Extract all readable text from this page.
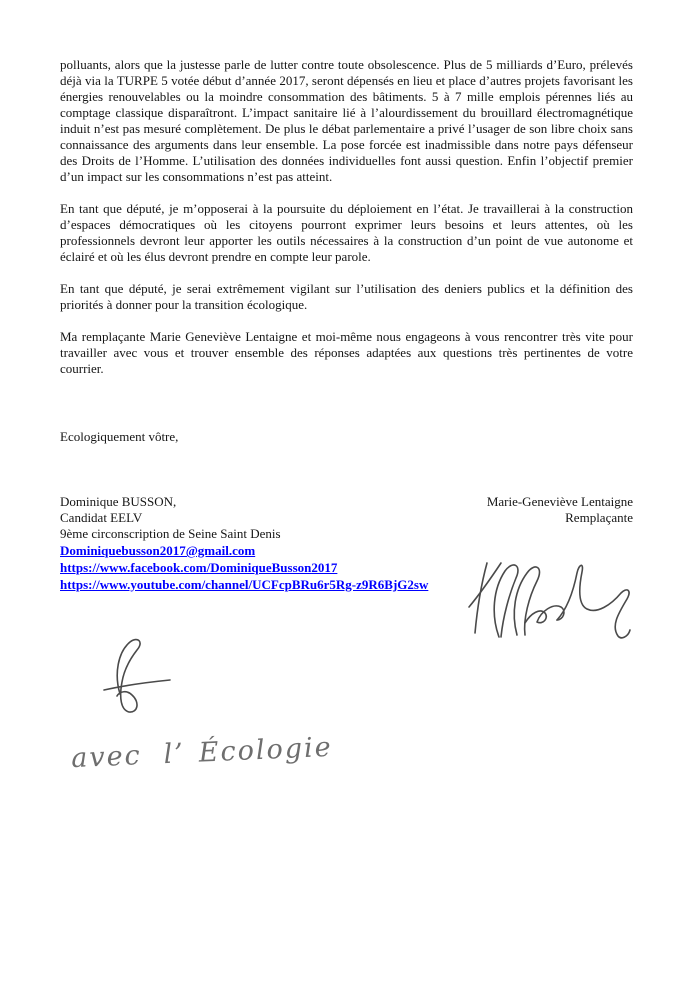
polluants, alors que la justesse parle de lutter contre toute obsolescence. Plus de 5 milliards d’Euro, prélevés déjà via la TURPE 5 votée début d’année 2017, seront dépensés en lieu et place d’autres projets favorisant les énergies renouvelables ou la moindre consommation des bâtiments. 5 à 7 mille emplois pérennes liés au comptage classique disparaîtront. L’impact sanitaire lié à l’alourdissement du brouillard électromagnétique induit n’est pas mesuré complètement. De plus le débat parlementaire a privé l’usager de son libre choix sans connaissance des arguments dans leur ensemble. La pose forcée est inadmissible dans notre pays défenseur des Droits de l’Homme. L’utilisation des données individuelles font aussi question. Enfin l’objectif premier d’un impact sur les consommations n’est pas atteint.

En tant que député, je m’opposerai à la poursuite du déploiement en l’état. Je travaillerai à la construction d’espaces démocratiques où les citoyens pourront exprimer leurs besoins et leurs attentes, où les professionnels devront leur apporter les outils nécessaires à la construction d’un point de vue autonome et éclairé et où les élus devront prendre en compte leur parole.

En tant que député, je serai extrêmement vigilant sur l’utilisation des deniers publics et la définition des priorités à donner pour la transition écologique.

Ma remplaçante Marie Geneviève Lentaigne et moi-même nous engageons à vous rencontrer très vite pour travailler avec vous et trouver ensemble des réponses adaptées aux questions très pertinentes de votre courrier.

Ecologiquement vôtre,

Dominique BUSSON,
Candidat EELV
9ème circonscription de Seine Saint Denis
Dominiquebusson2017@gmail.com
https://www.facebook.com/DominiqueBusson2017
https://www.youtube.com/channel/UCFcpBRu6r5Rg-z9R6BjG2sw
Marie-Geneviève Lentaigne
Remplaçante
avec l’ Écologie
